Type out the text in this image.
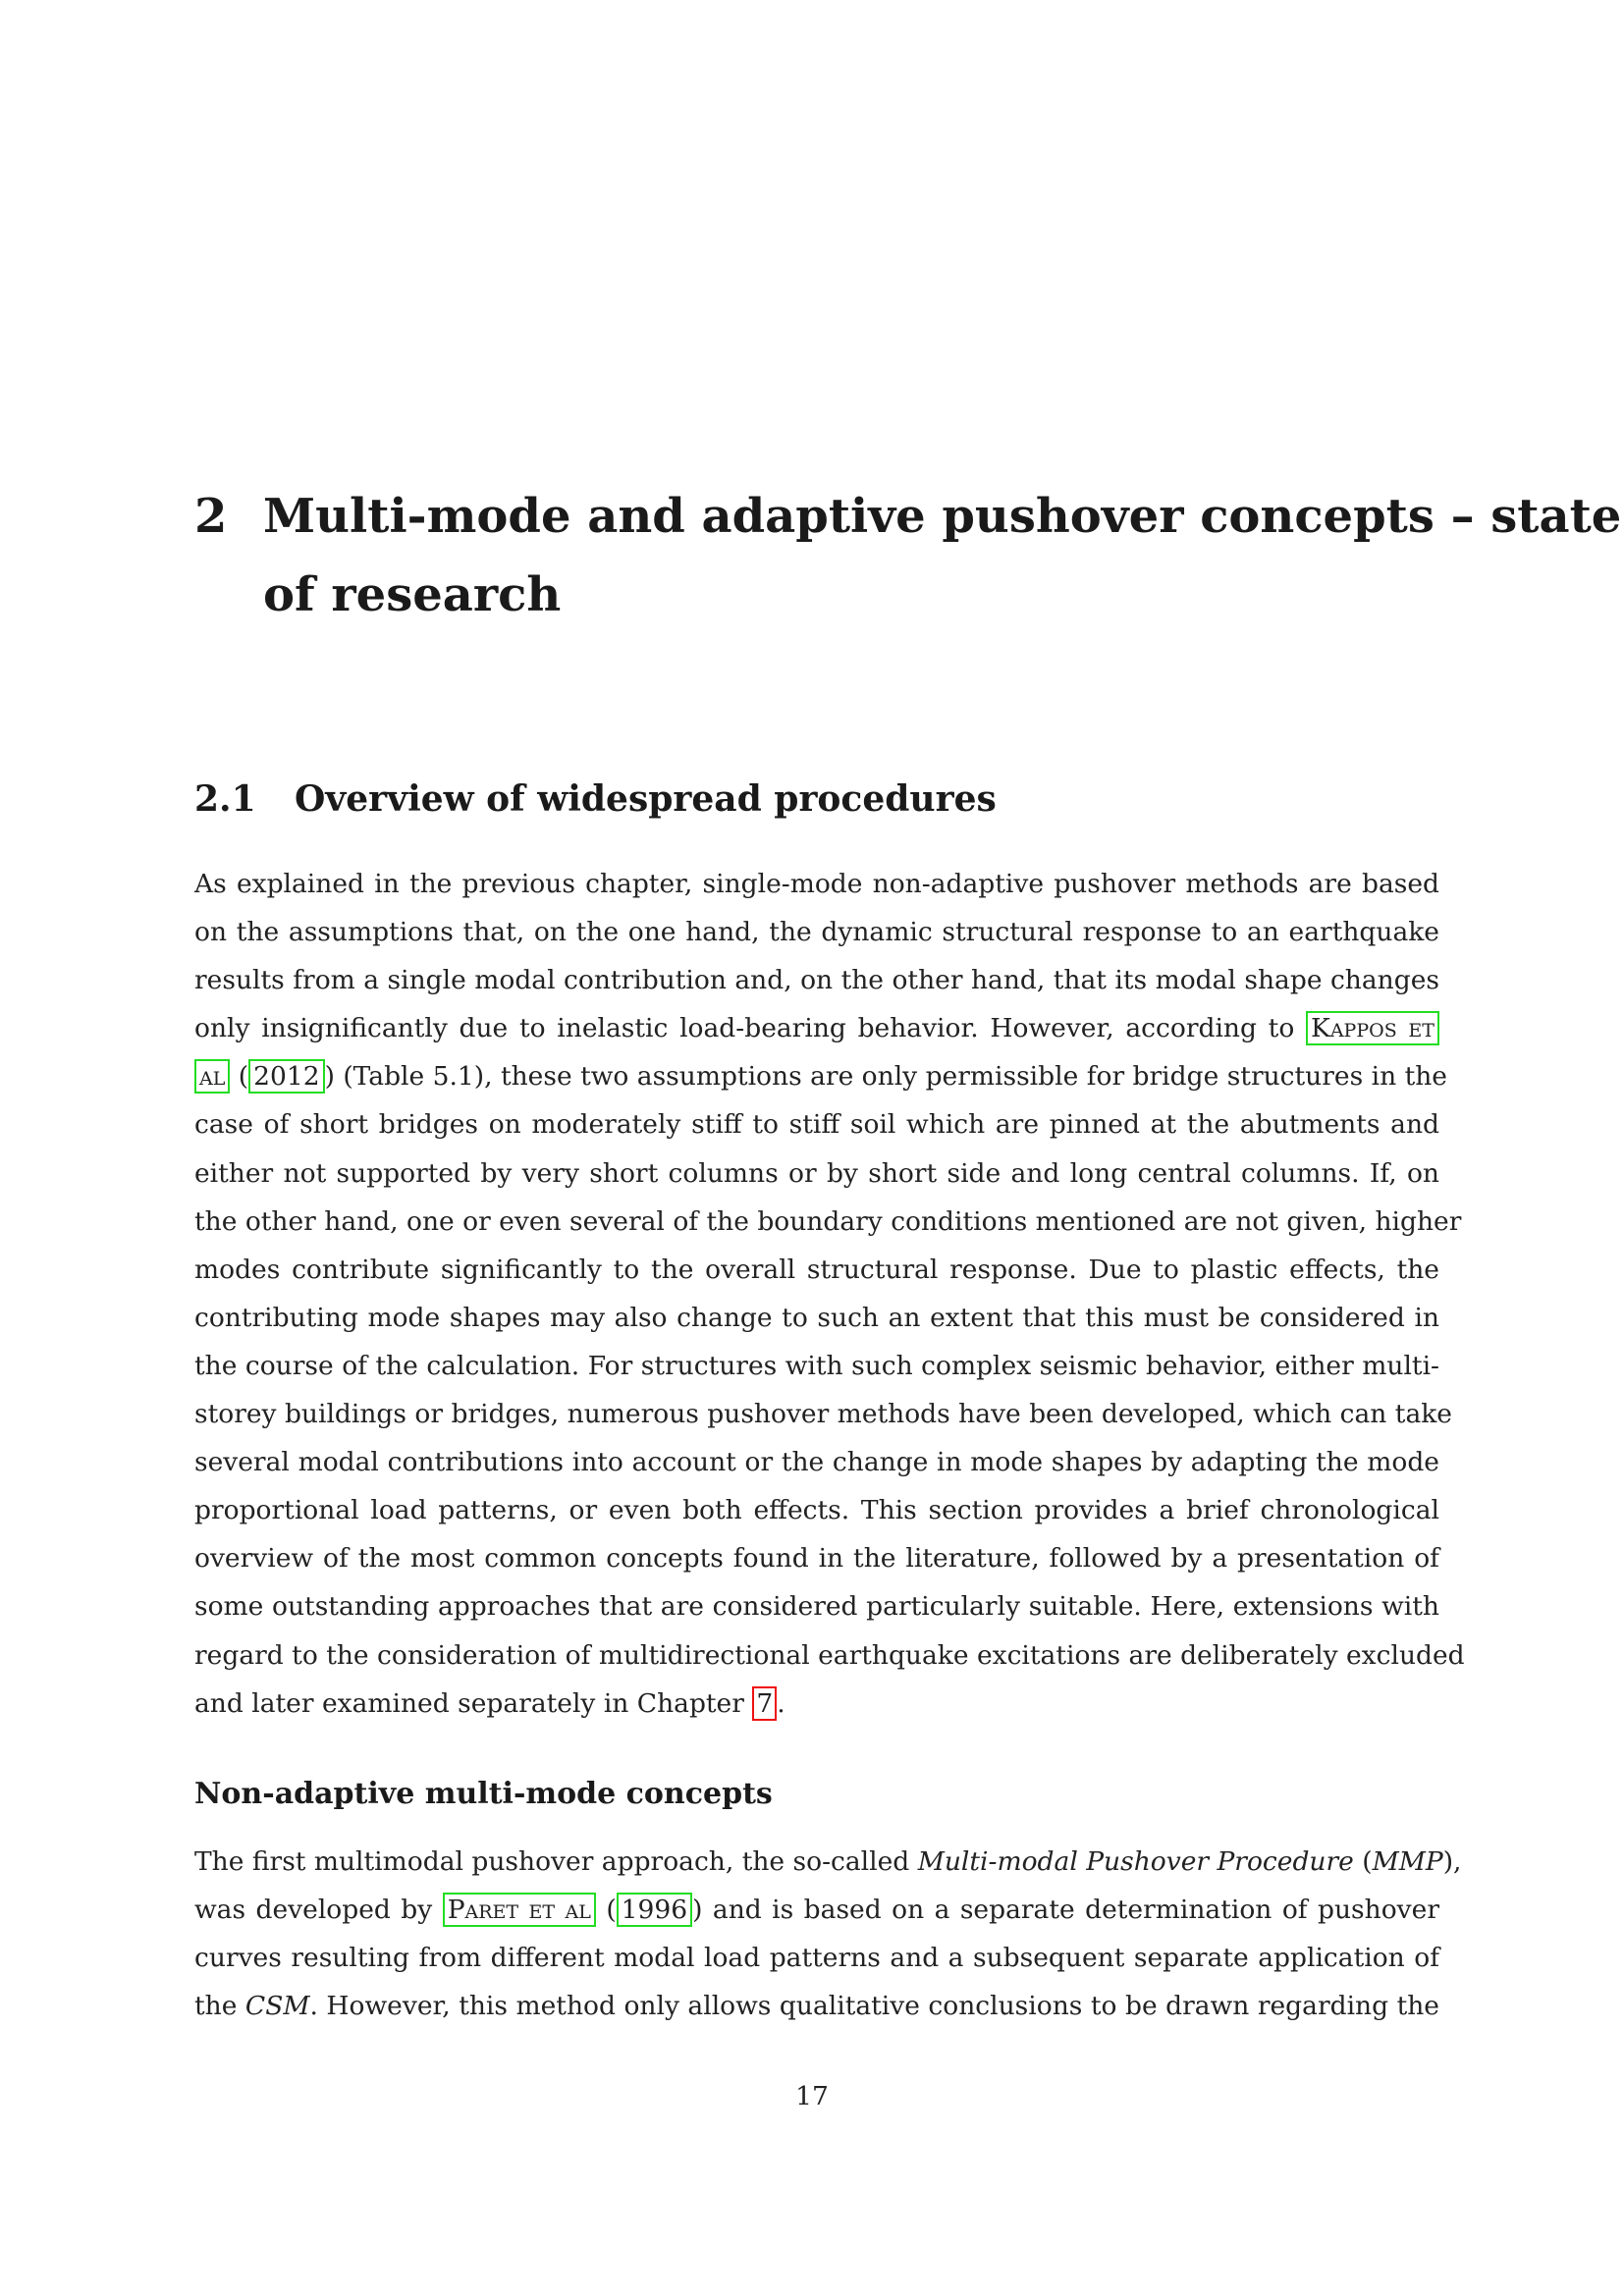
2 Multi-mode and adaptive pushover concepts – state
of research
2.1 Overview of widespread procedures
As explained in the previous chapter, single-mode non-adaptive pushover methods are based
on the assumptions that, on the one hand, the dynamic structural response to an earthquake
results from a single modal contribution and, on the other hand, that its modal shape changes
only insignificantly due to inelastic load-bearing behavior. However, according to Kappos et
al ( 2012 ) (Table 5.1), these two assumptions are only permissible for bridge structures in the
case of short bridges on moderately stiff to stiff soil which are pinned at the abutments and
either not supported by very short columns or by short side and long central columns. If, on
the other hand, one or even several of the boundary conditions mentioned are not given, higher
modes contribute significantly to the overall structural response. Due to plastic effects, the
contributing mode shapes may also change to such an extent that this must be considered in
the course of the calculation. For structures with such complex seismic behavior, either multi-
storey buildings or bridges, numerous pushover methods have been developed, which can take
several modal contributions into account or the change in mode shapes by adapting the mode
proportional load patterns, or even both effects. This section provides a brief chronological
overview of the most common concepts found in the literature, followed by a presentation of
some outstanding approaches that are considered particularly suitable. Here, extensions with
regard to the consideration of multidirectional earthquake excitations are deliberately excluded
and later examined separately in Chapter 7 .
Non-adaptive multi-mode concepts
The first multimodal pushover approach, the so-called Multi-modal Pushover Procedure (MMP),
was developed by Paret et al ( 1996 ) and is based on a separate determination of pushover
curves resulting from different modal load patterns and a subsequent separate application of
the CSM. However, this method only allows qualitative conclusions to be drawn regarding the
17
